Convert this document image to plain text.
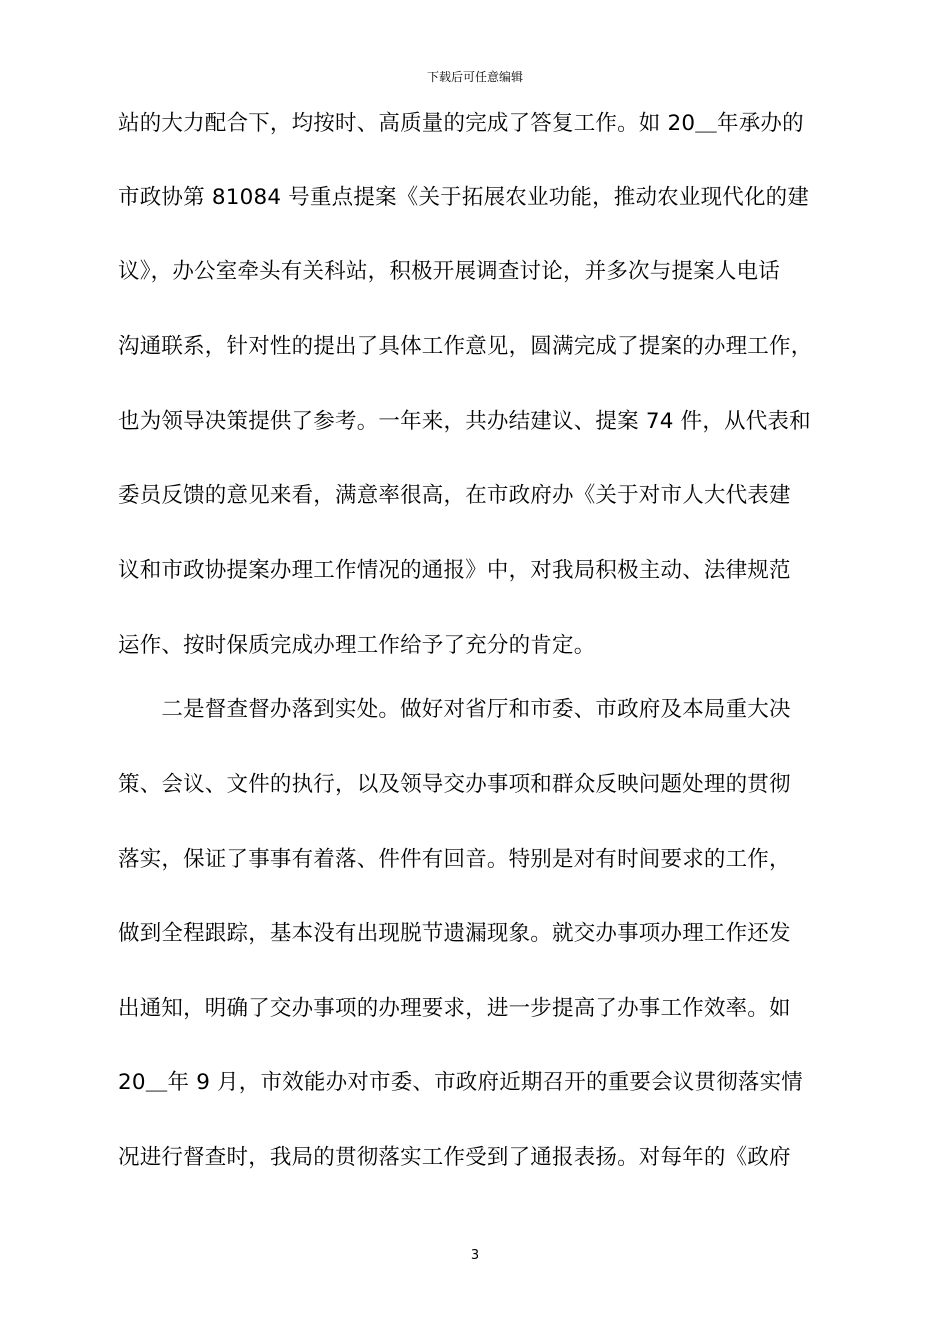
下载后可任意编辑
站的大力配合下，均按时、高质量的完成了答复工作。如 20＿年承办的
市政协第 81084 号重点提案《关于拓展农业功能，推动农业现代化的建
议》，办公室牵头有关科站，积极开展调查讨论，并多次与提案人电话
沟通联系，针对性的提出了具体工作意见，圆满完成了提案的办理工作，
也为领导决策提供了参考。一年来，共办结建议、提案 74 件，从代表和
委员反馈的意见来看，满意率很高，在市政府办《关于对市人大代表建
议和市政协提案办理工作情况的通报》中，对我局积极主动、法律规范
运作、按时保质完成办理工作给予了充分的肯定。
　　二是督查督办落到实处。做好对省厅和市委、市政府及本局重大决
策、会议、文件的执行，以及领导交办事项和群众反映问题处理的贯彻
落实，保证了事事有着落、件件有回音。特别是对有时间要求的工作，
做到全程跟踪，基本没有出现脱节遗漏现象。就交办事项办理工作还发
出通知，明确了交办事项的办理要求，进一步提高了办事工作效率。如
20＿年 9 月，市效能办对市委、市政府近期召开的重要会议贯彻落实情
况进行督查时，我局的贯彻落实工作受到了通报表扬。对每年的《政府
3
